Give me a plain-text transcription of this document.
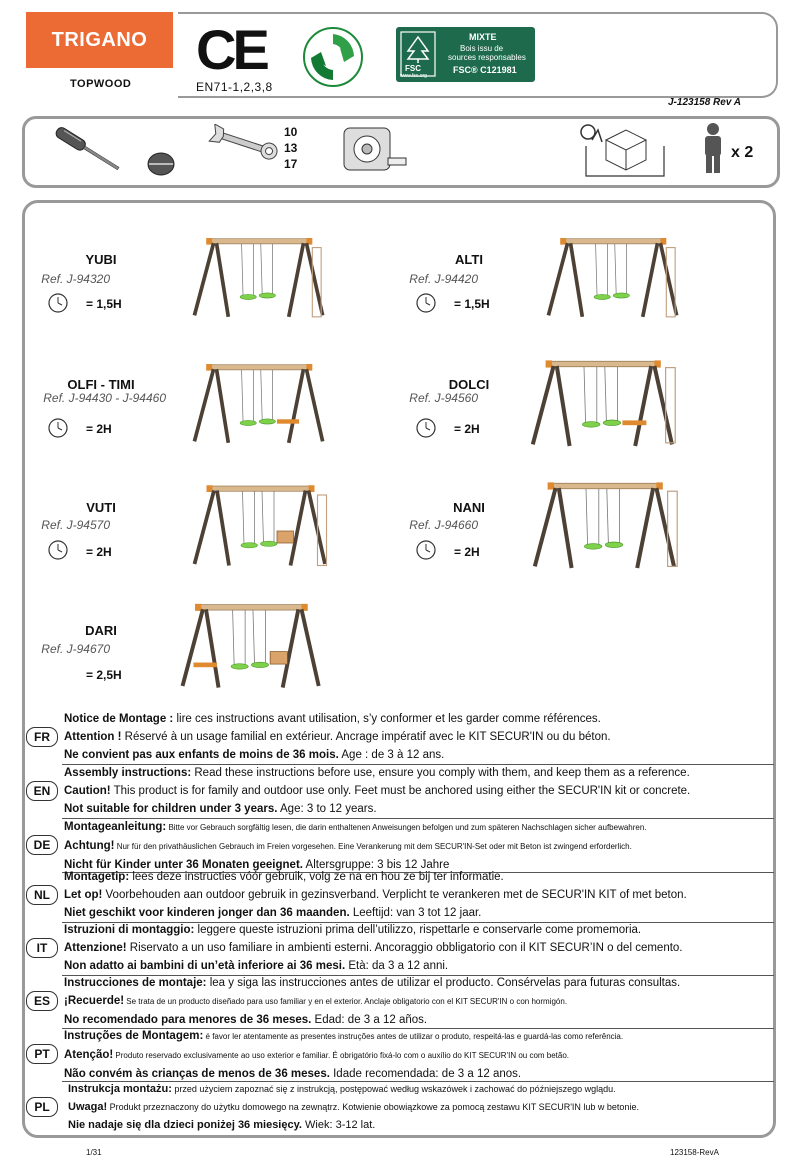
TRIGANO
TOPWOOD
CE
EN71-1,2,3,8
FSC
www.fsc.org
MIXTE
Bois issu de
sources responsables
FSC® C121981
J-123158 Rev A
10
13
17
x 2
YUBI
Ref. J-94320
= 1,5H
ALTI
Ref. J-94420
= 1,5H
OLFI - TIMI
Ref. J-94430 - J-94460
= 2H
DOLCI
Ref. J-94560
= 2H
VUTI
Ref. J-94570
= 2H
NANI
Ref. J-94660
= 2H
DARI
Ref. J-94670
= 2,5H
FR
Notice de Montage : lire ces instructions avant utilisation, s’y conformer et les garder comme références.
Attention ! Réservé à un usage familial en extérieur. Ancrage impératif avec le KIT SECUR'IN ou du béton.
Ne convient pas aux enfants de moins de 36 mois. Age : de 3 à 12 ans.
EN
Assembly instructions: Read these instructions before use, ensure you comply with them, and keep them as a reference.
Caution! This product is for family and outdoor use only. Feet must be anchored using either the SECUR'IN kit or concrete.
Not suitable for children under 3 years. Age: 3 to 12 years.
DE
Montageanleitung: Bitte vor Gebrauch sorgfältig lesen, die darin enthaltenen Anweisungen befolgen und zum späteren Nachschlagen sicher aufbewahren.
Achtung! Nur für den privathäuslichen Gebrauch im Freien vorgesehen. Eine Verankerung mit dem SECUR'IN-Set oder mit Beton ist zwingend erforderlich.
Nicht für Kinder unter 36 Monaten geeignet. Altersgruppe: 3 bis 12 Jahre
NL
Montagetip: lees deze instructies vóór gebruik, volg ze na en hou ze bij ter informatie.
Let op! Voorbehouden aan outdoor gebruik in gezinsverband. Verplicht te verankeren met de SECUR'IN KIT of met beton.
Niet geschikt voor kinderen jonger dan 36 maanden. Leeftijd: van 3 tot 12 jaar.
IT
Istruzioni di montaggio: leggere queste istruzioni prima dell’utilizzo, rispettarle e conservarle come promemoria.
Attenzione! Riservato a un uso familiare in ambienti esterni. Ancoraggio obbligatorio con il KIT SECUR’IN o del cemento.
Non adatto ai bambini di un’età inferiore ai 36 mesi. Età: da 3 a 12 anni.
ES
Instrucciones de montaje: lea y siga las instrucciones antes de utilizar el producto. Consérvelas para futuras consultas.
¡Recuerde! Se trata de un producto diseñado para uso familiar y en el exterior. Anclaje obligatorio con el KIT SECUR'IN o con hormigón.
No recomendado para menores de 36 meses. Edad: de 3 a 12 años.
PT
Instruções de Montagem: é favor ler atentamente as presentes instruções antes de utilizar o produto, respeitá-las e guardá-las como referência.
Atenção! Produto reservado exclusivamente ao uso exterior e familiar. É obrigatório fixá-lo com o auxílio do KIT SECUR'IN ou com betão.
Não convém às crianças de menos de 36 meses. Idade recomendada: de 3 a 12 anos.
PL
Instrukcja montażu: przed użyciem zapoznać się z instrukcją, postępować według wskazówek i zachować do późniejszego wglądu.
Uwaga! Produkt przeznaczony do użytku domowego na zewnątrz. Kotwienie obowiązkowe za pomocą zestawu KIT SECUR'IN lub w betonie.
Nie nadaje się dla dzieci poniżej 36 miesięcy. Wiek: 3-12 lat.
1/31	123158-RevA
